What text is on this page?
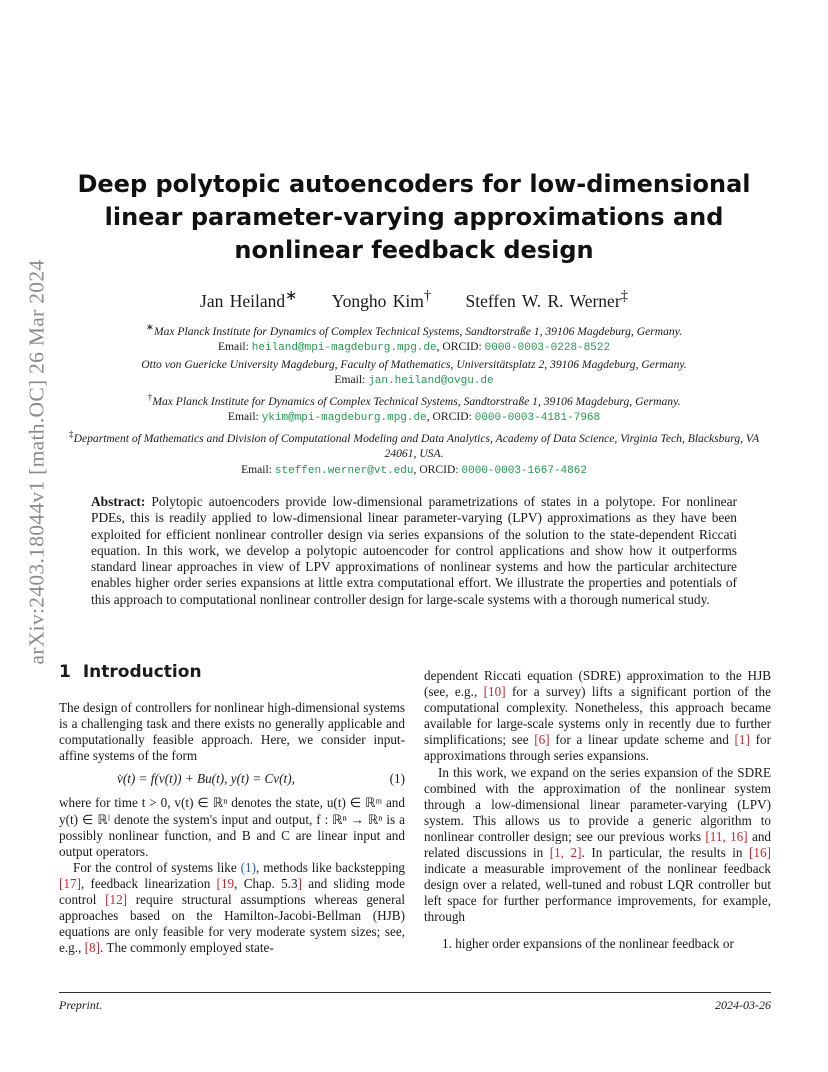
arXiv:2403.18044v1 [math.OC] 26 Mar 2024
Deep polytopic autoencoders for low-dimensional linear parameter-varying approximations and nonlinear feedback design
Jan Heiland∗ Yongho Kim† Steffen W. R. Werner‡
∗Max Planck Institute for Dynamics of Complex Technical Systems, Sandtorstraße 1, 39106 Magdeburg, Germany.
Email: heiland@mpi-magdeburg.mpg.de, ORCID: 0000-0003-0228-8522
Otto von Guericke University Magdeburg, Faculty of Mathematics, Universitätsplatz 2, 39106 Magdeburg, Germany.
Email: jan.heiland@ovgu.de
†Max Planck Institute for Dynamics of Complex Technical Systems, Sandtorstraße 1, 39106 Magdeburg, Germany.
Email: ykim@mpi-magdeburg.mpg.de, ORCID: 0000-0003-4181-7968
‡Department of Mathematics and Division of Computational Modeling and Data Analytics, Academy of Data Science, Virginia Tech, Blacksburg, VA 24061, USA.
Email: steffen.werner@vt.edu, ORCID: 0000-0003-1667-4862
Abstract: Polytopic autoencoders provide low-dimensional parametrizations of states in a polytope. For nonlinear PDEs, this is readily applied to low-dimensional linear parameter-varying (LPV) approximations as they have been exploited for efficient nonlinear controller design via series expansions of the solution to the state-dependent Riccati equation. In this work, we develop a polytopic autoencoder for control applications and show how it outperforms standard linear approaches in view of LPV approximations of nonlinear systems and how the particular architecture enables higher order series expansions at little extra computational effort. We illustrate the properties and potentials of this approach to computational nonlinear controller design for large-scale systems with a thorough numerical study.
1 Introduction

The design of controllers for nonlinear high-dimensional systems is a challenging task and there exists no generally applicable and computationally feasible approach. Here, we consider input-affine systems of the form

v̇(t) = f(v(t)) + Bu(t), y(t) = Cv(t),	(1)

where for time t > 0, v(t) ∈ ℝⁿ denotes the state, u(t) ∈ ℝᵐ and y(t) ∈ ℝˡ denote the system's input and output, f : ℝⁿ → ℝⁿ is a possibly nonlinear function, and B and C are linear input and output operators.

For the control of systems like (1), methods like backstepping [17], feedback linearization [19, Chap. 5.3] and sliding mode control [12] require structural assumptions whereas general approaches based on the Hamilton-Jacobi-Bellman (HJB) equations are only feasible for very moderate system sizes; see, e.g., [8]. The commonly employed state-

dependent Riccati equation (SDRE) approximation to the HJB (see, e.g., [10] for a survey) lifts a significant portion of the computational complexity. Nonetheless, this approach became available for large-scale systems only in recently due to further simplifications; see [6] for a linear update scheme and [1] for approximations through series expansions.

In this work, we expand on the series expansion of the SDRE combined with the approximation of the nonlinear system through a low-dimensional linear parameter-varying (LPV) system. This allows us to provide a generic algorithm to nonlinear controller design; see our previous works [11, 16] and related discussions in [1, 2]. In particular, the results in [16] indicate a measurable improvement of the nonlinear feedback design over a related, well-tuned and robust LQR controller but left space for further performance improvements, for example, through

1. higher order expansions of the nonlinear feedback or
Preprint.	2024-03-26
